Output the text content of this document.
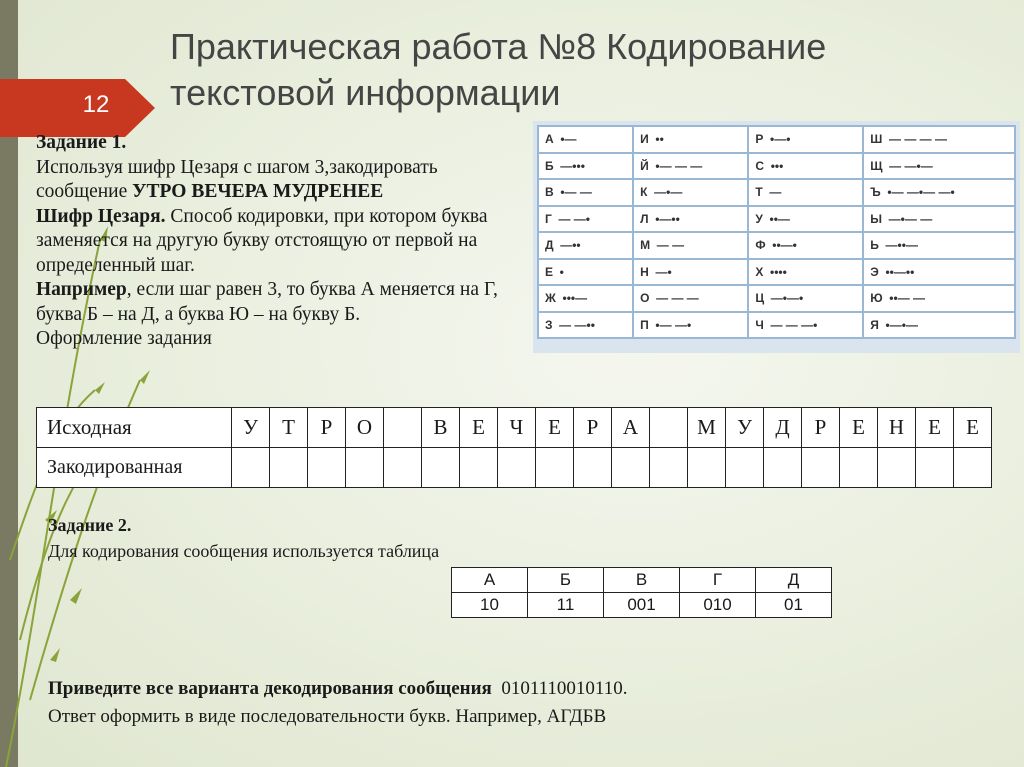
Практическая работа №8 Кодирование текстовой информации
12

Задание 1.

Используя шифр Цезаря с шагом 3,закодировать

сообщение УТРО ВЕЧЕРА МУДРЕНЕЕ

Шифр Цезаря. Способ кодировки, при котором буква заменяется на другую букву отстоящую от первой на определенный шаг.

Например, если шаг равен 3, то буква А меняется на Г, буква Б – на Д, а буква Ю – на букву Б.

Оформление задания

А  •—	И  ••	Р  •—•	Ш  — — — —
Б  —•••	Й  •— — —	С  •••	Щ  — —•—
В  •— —	К  —•—	Т  —	Ъ  •— —•— —•
Г  — —•	Л  •—••	У  ••—	Ы  —•— —
Д  —••	М  — —	Ф  ••—•	Ь  —••—
Е  •	Н  —•	Х  ••••	Э  ••—••
Ж  •••—	О  — — —	Ц  —•—•	Ю  ••— —
З  — —••	П  •— —•	Ч  — — —•	Я  •—•—
Исходная	У	Т	Р	О		В	Е	Ч	Е	Р	А		М	У	Д	Р	Е	Н	Е	Е
Закодированная																				

Задание 2.

Для кодирования сообщения используется таблица

А	Б	В	Г	Д
10	11	001	010	01

Приведите все варианта декодирования сообщения  0101110010110.

Ответ оформить в виде последовательности букв. Например, АГДБВ
